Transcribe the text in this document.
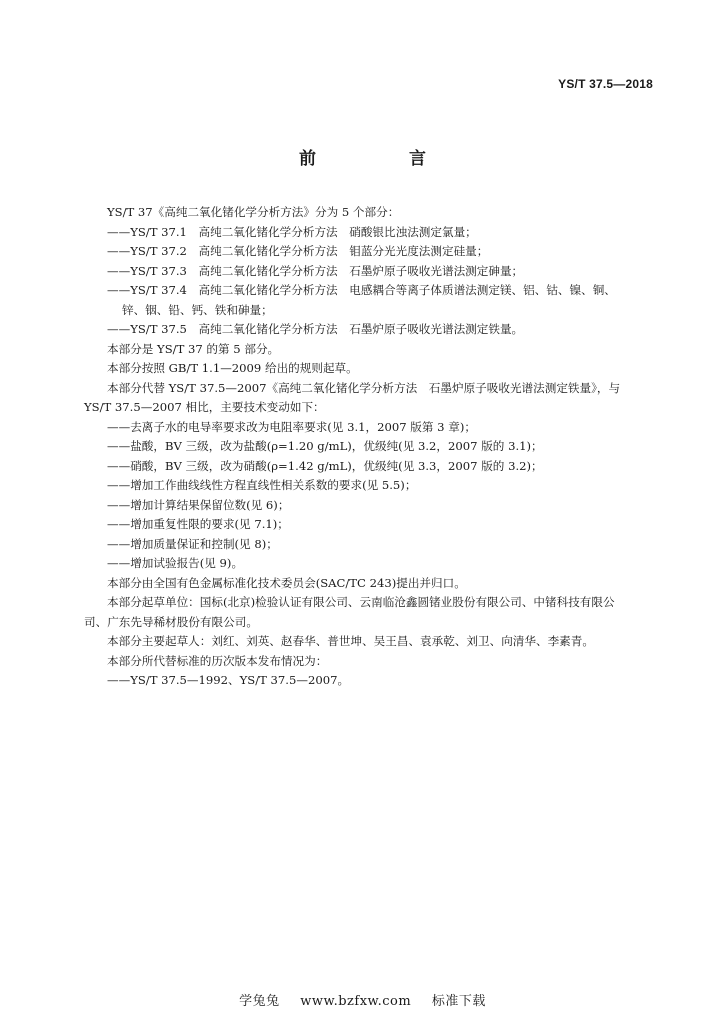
YS/T 37.5—2018
前　言

YS/T 37《高纯二氧化锗化学分析方法》分为 5 个部分：

——YS/T 37.1　高纯二氧化锗化学分析方法　硝酸银比浊法测定氯量；

——YS/T 37.2　高纯二氧化锗化学分析方法　钼蓝分光光度法测定硅量；

——YS/T 37.3　高纯二氧化锗化学分析方法　石墨炉原子吸收光谱法测定砷量；

——YS/T 37.4　高纯二氧化锗化学分析方法　电感耦合等离子体质谱法测定镁、铝、钴、镍、铜、

锌、铟、铅、钙、铁和砷量；

——YS/T 37.5　高纯二氧化锗化学分析方法　石墨炉原子吸收光谱法测定铁量。

本部分是 YS/T 37 的第 5 部分。

本部分按照 GB/T 1.1—2009 给出的规则起草。

本部分代替 YS/T 37.5—2007《高纯二氧化锗化学分析方法　石墨炉原子吸收光谱法测定铁量》，与

YS/T 37.5—2007 相比，主要技术变动如下：

——去离子水的电导率要求改为电阻率要求(见 3.1，2007 版第 3 章)；

——盐酸，BV 三级，改为盐酸(ρ=1.20 g/mL)，优级纯(见 3.2，2007 版的 3.1)；

——硝酸，BV 三级，改为硝酸(ρ=1.42 g/mL)，优级纯(见 3.3，2007 版的 3.2)；

——增加工作曲线线性方程直线性相关系数的要求(见 5.5)；

——增加计算结果保留位数(见 6)；

——增加重复性限的要求(见 7.1)；

——增加质量保证和控制(见 8)；

——增加试验报告(见 9)。

本部分由全国有色金属标准化技术委员会(SAC/TC 243)提出并归口。

本部分起草单位：国标(北京)检验认证有限公司、云南临沧鑫圆锗业股份有限公司、中锗科技有限公

司、广东先导稀材股份有限公司。

本部分主要起草人：刘红、刘英、赵春华、普世坤、吴王昌、袁承乾、刘卫、向清华、李素青。

本部分所代替标准的历次版本发布情况为：

——YS/T 37.5—1992、YS/T 37.5—2007。

学兔兔 www.bzfxw.com 标准下载
